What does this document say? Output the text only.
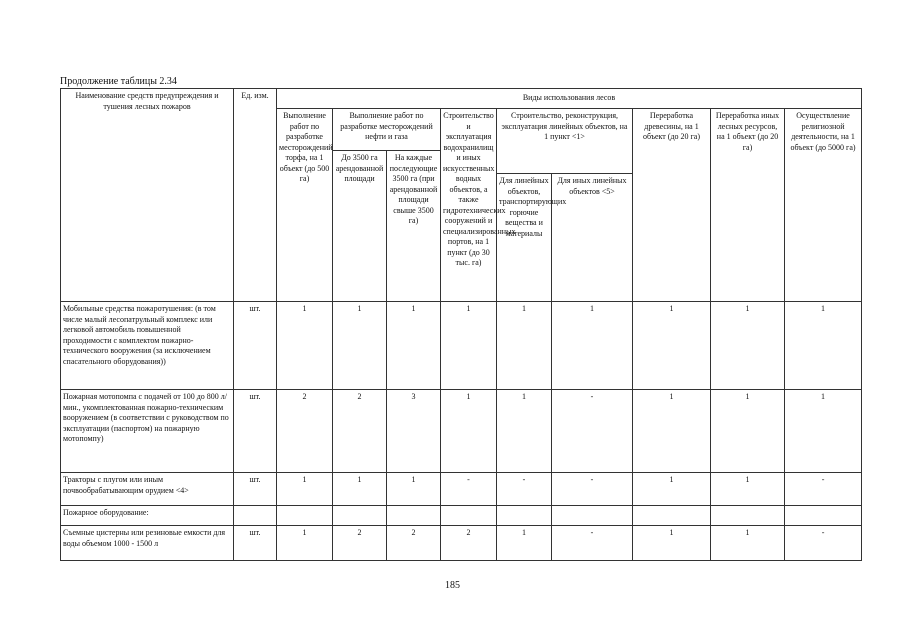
Продолжение таблицы 2.34
Наименование средств предупреждения и тушения лесных пожаров	Ед. изм.	Виды использования лесов								
		Выполнение работ по разработке месторождений торфа, на 1 объект (до 500 га)	Выполнение работ по разработке месторождений нефти и газа		Строительство и эксплуатация водохранилищ и иных искусственных водных объектов, а также гидротехнических сооружений и специализированных портов, на 1 пункт (до 30 тыс. га)	Строительство, реконструкция, эксплуатация линейных объектов, на 1 пункт <1>		Переработка древесины, на 1 объект (до 20 га)	Переработка иных лесных ресурсов, на 1 объект (до 20 га)	Осуществление религиозной деятельности, на 1 объект (до 5000 га)
			До 3500 га арендованной площади	На каждые последующие 3500 га (при арендованной площади свыше 3500 га)						
						Для линейных объектов, транспортирующих горючие вещества и материалы	Для иных линейных объектов <5>			
Мобильные средства пожаротушения: (в том числе малый лесопатрульный комплекс или легковой автомобиль повышенной проходимости с комплектом пожарно-технического вооружения (за исключением спасательного оборудования))	шт.	1	1	1	1	1	1	1	1	1
Пожарная мотопомпа с подачей от 100 до 800 л/мин., укомплектованная пожарно-техническим вооружением (в соответствии с руководством по эксплуатации (паспортом) на пожарную мотопомпу)	шт.	2	2	3	1	1	-	1	1	1
Тракторы с плугом или иным почвообрабатывающим орудием <4>	шт.	1	1	1	-	-	-	1	1	-
Пожарное оборудование:										
Съемные цистерны или резиновые емкости для воды объемом 1000 - 1500 л	шт.	1	2	2	2	1	-	1	1	-
185
